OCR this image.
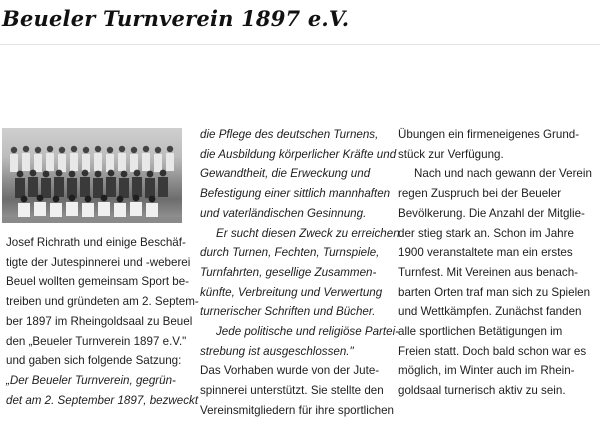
Beueler Turnverein 1897 e.V.
Josef Richrath und einige Beschäf-
tigte der Jutespinnerei und -weberei
Beuel wollten gemeinsam Sport be-
treiben und gründeten am 2. Septem-
ber 1897 im Rheingoldsaal zu Beuel
den „Beueler Turnverein 1897 e.V."
und gaben sich folgende Satzung:
„Der Beueler Turnverein, gegrün-
det am 2. September 1897, bezweckt
die Pflege des deutschen Turnens,
die Ausbildung körperlicher Kräfte und
Gewandtheit, die Erweckung und
Befestigung einer sittlich mannhaften
und vaterländischen Gesinnung.
Er sucht diesen Zweck zu erreichen
durch Turnen, Fechten, Turnspiele,
Turnfahrten, gesellige Zusammen-
künfte, Verbreitung und Verwertung
turnerischer Schriften und Bücher.
Jede politische und religiöse Partei-
strebung ist ausgeschlossen."
Das Vorhaben wurde von der Jute-
spinnerei unterstützt. Sie stellte den
Vereinsmitgliedern für ihre sportlichen
Übungen ein firmeneigenes Grund-
stück zur Verfügung.
Nach und nach gewann der Verein
regen Zuspruch bei der Beueler
Bevölkerung. Die Anzahl der Mitglie-
der stieg stark an. Schon im Jahre
1900 veranstaltete man ein erstes
Turnfest. Mit Vereinen aus benach-
barten Orten traf man sich zu Spielen
und Wettkämpfen. Zunächst fanden
alle sportlichen Betätigungen im
Freien statt. Doch bald schon war es
möglich, im Winter auch im Rhein-
goldsaal turnerisch aktiv zu sein.
